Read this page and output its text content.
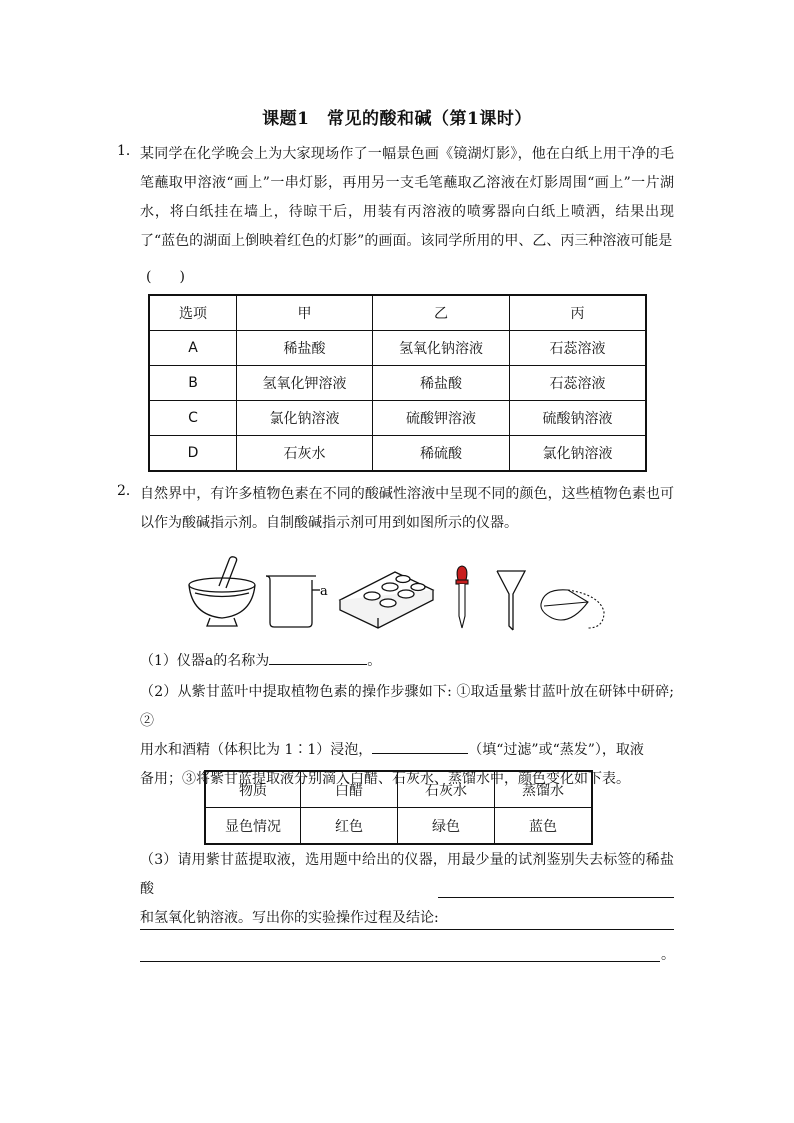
课题1　常见的酸和碱（第1课时）
1． 某同学在化学晚会上为大家现场作了一幅景色画《镜湖灯影》，他在白纸上用干净的毛笔蘸取甲溶液“画上”一串灯影，再用另一支毛笔蘸取乙溶液在灯影周围“画上”一片湖水，将白纸挂在墙上，待晾干后，用装有丙溶液的喷雾器向白纸上喷洒，结果出现了“蓝色的湖面上倒映着红色的灯影”的画面。该同学所用的甲、乙、丙三种溶液可能是
(　　)
选项	甲	乙	丙
A	稀盐酸	氢氧化钠溶液	石蕊溶液
B	氢氧化钾溶液	稀盐酸	石蕊溶液
C	氯化钠溶液	硫酸钾溶液	硫酸钠溶液
D	石灰水	稀硫酸	氯化钠溶液
2． 自然界中，有许多植物色素在不同的酸碱性溶液中呈现不同的颜色，这些植物色素也可以作为酸碱指示剂。自制酸碱指示剂可用到如图所示的仪器。
a
（1）仪器a的名称为	。
（2）从紫甘蓝叶中提取植物色素的操作步骤如下: ①取适量紫甘蓝叶放在研钵中研碎; ②
用水和酒精（体积比为 1∶1）浸泡，	（填“过滤”或“蒸发”），取液
备用；③将紫甘蓝提取液分别滴入白醋、石灰水、蒸馏水中，颜色变化如下表。
物质	白醋	石灰水	蒸馏水
显色情况	红色	绿色	蓝色
（3）请用紫甘蓝提取液，选用题中给出的仪器，用最少量的试剂鉴别失去标签的稀盐酸
和氢氧化钠溶液。写出你的实验操作过程及结论:
。
